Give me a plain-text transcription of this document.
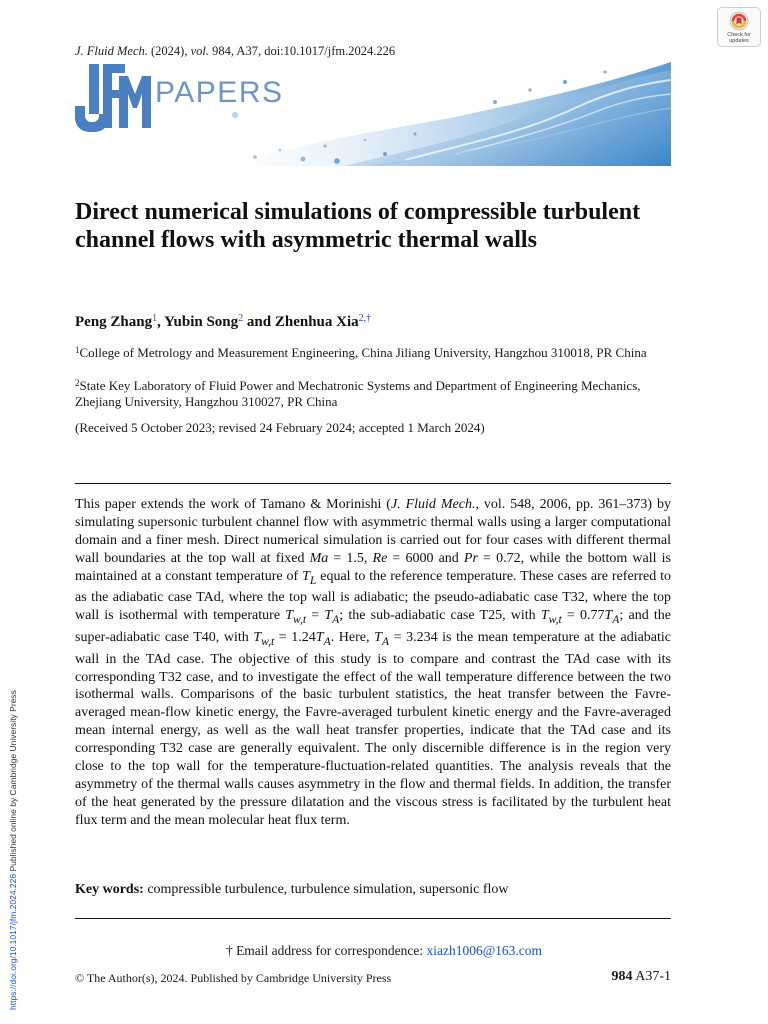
J. Fluid Mech. (2024), vol. 984, A37, doi:10.1017/jfm.2024.226
Check for
updates
PAPERS
Direct numerical simulations of compressible turbulent channel flows with asymmetric thermal walls
Peng Zhang$^1$, Yubin Song$^2$ and Zhenhua Xia$^{2,\dagger}$
$^1$College of Metrology and Measurement Engineering, China Jiliang University, Hangzhou 310018, PR China
$^2$State Key Laboratory of Fluid Power and Mechatronic Systems and Department of Engineering Mechanics, Zhejiang University, Hangzhou 310027, PR China
(Received 5 October 2023; revised 24 February 2024; accepted 1 March 2024)

This paper extends the work of Tamano & Morinishi (J. Fluid Mech., vol. 548, 2006, pp. 361–373) by simulating supersonic turbulent channel flow with asymmetric thermal walls using a larger computational domain and a finer mesh. Direct numerical simulation is carried out for four cases with different thermal wall boundaries at the top wall at fixed Ma = 1.5, Re = 6000 and Pr = 0.72, while the bottom wall is maintained at a constant temperature of $T_L$ equal to the reference temperature. These cases are referred to as the adiabatic case TAd, where the top wall is adiabatic; the pseudo-adiabatic case T32, where the top wall is isothermal with temperature $T_{w,t} = T_A$; the sub-adiabatic case T25, with $T_{w,t} = 0.77T_A$; and the super-adiabatic case T40, with $T_{w,t} = 1.24T_A$. Here, $T_A = 3.234$ is the mean temperature at the adiabatic wall in the TAd case. The objective of this study is to compare and contrast the TAd case with its corresponding T32 case, and to investigate the effect of the wall temperature difference between the two isothermal walls. Comparisons of the basic turbulent statistics, the heat transfer between the Favre-averaged mean-flow kinetic energy, the Favre-averaged turbulent kinetic energy and the Favre-averaged mean internal energy, as well as the wall heat transfer properties, indicate that the TAd case and its corresponding T32 case are generally equivalent. The only discernible difference is in the region very close to the top wall for the temperature-fluctuation-related quantities. The analysis reveals that the asymmetry of the thermal walls causes asymmetry in the flow and thermal fields. In addition, the transfer of the heat generated by the pressure dilatation and the viscous stress is facilitated by the turbulent heat flux term and the mean molecular heat flux term.

Key words: compressible turbulence, turbulence simulation, supersonic flow
† Email address for correspondence: xiazh1006@163.com
© The Author(s), 2024. Published by Cambridge University Press	984 A37-1
https://doi.org/10.1017/jfm.2024.226 Published online by Cambridge University Press
